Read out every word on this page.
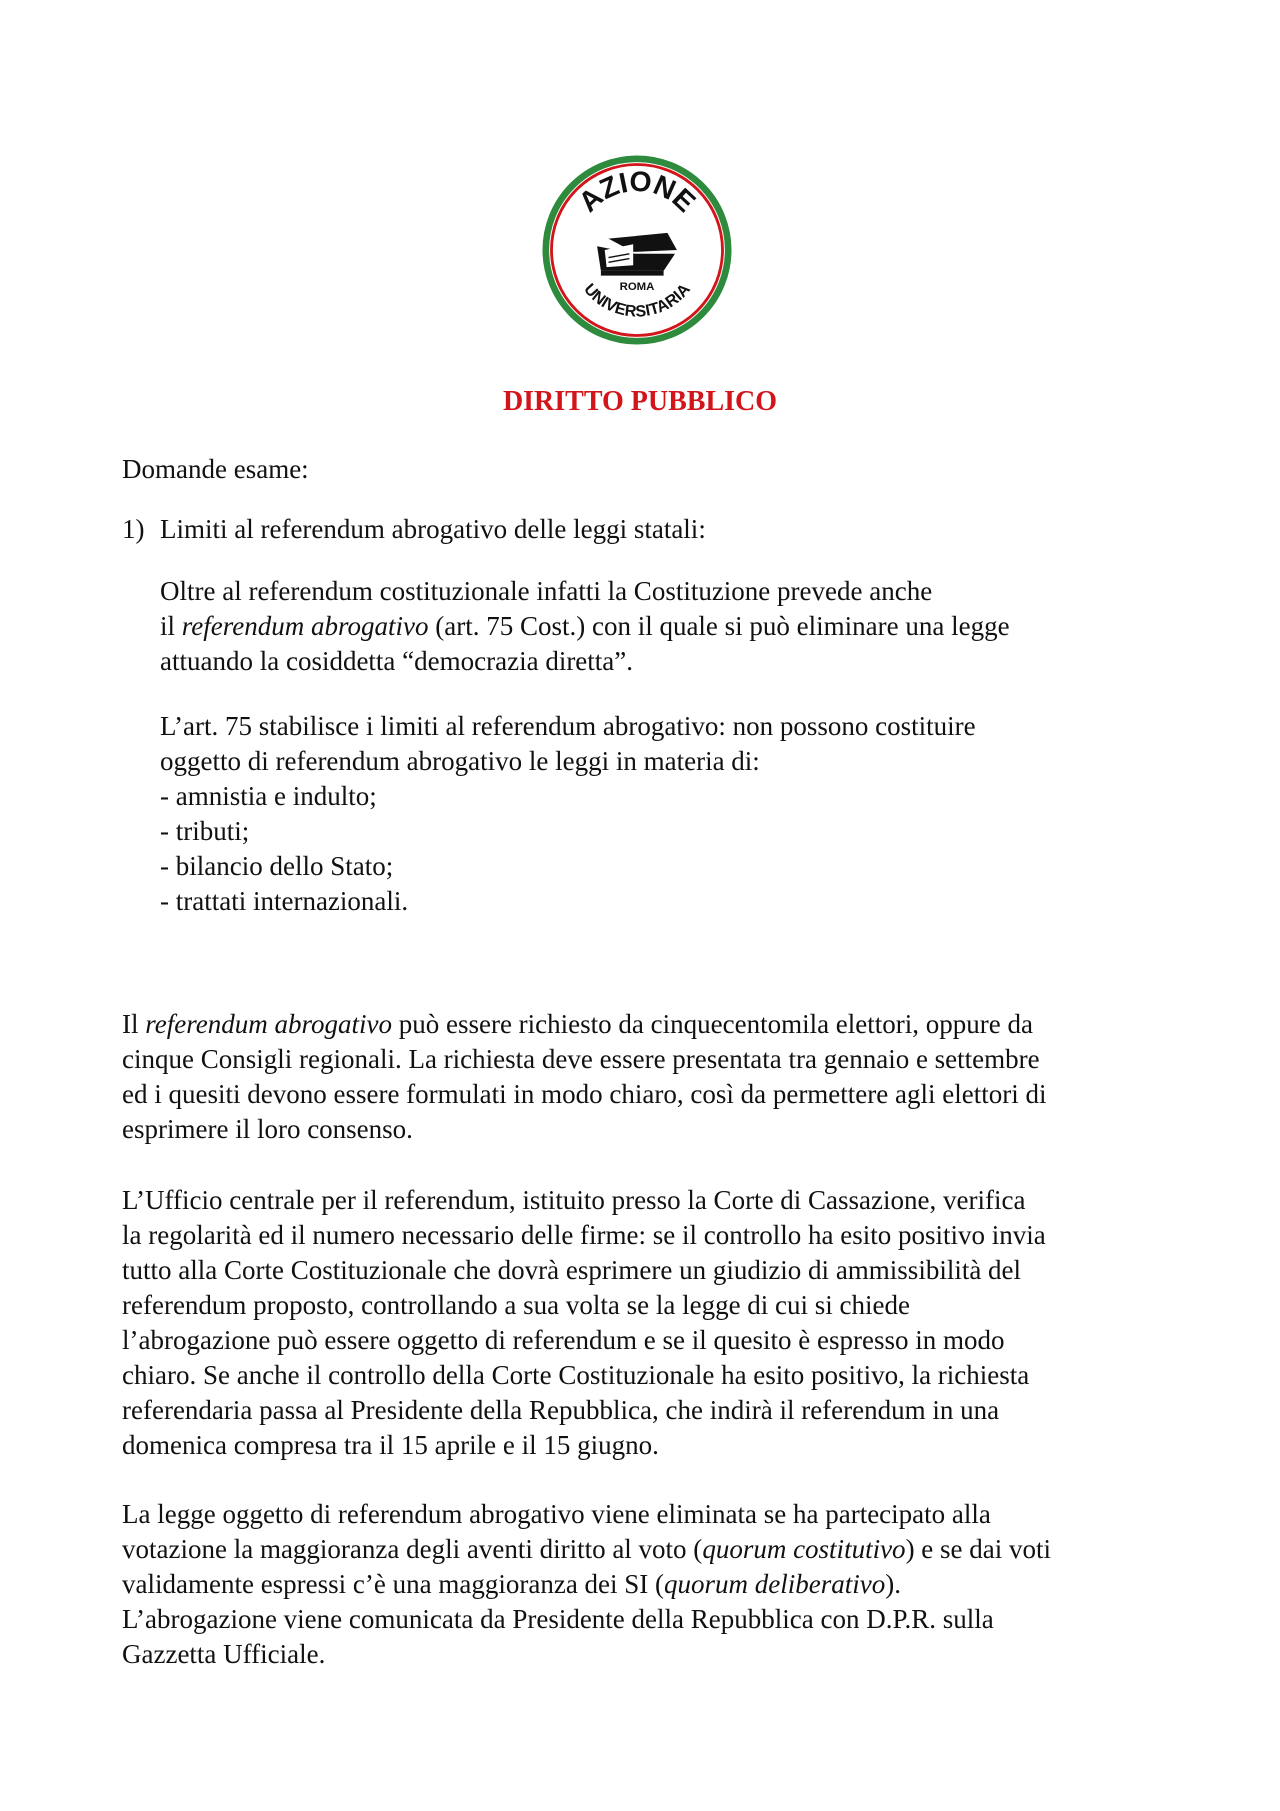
AZIONE
ROMA
UNIVERSITARIA
DIRITTO PUBBLICO

Domande esame:

1) Limiti al referendum abrogativo delle leggi statali:

Oltre al referendum costituzionale infatti la Costituzione prevede anche
il referendum abrogativo (art. 75 Cost.) con il quale si può eliminare una legge
attuando la cosiddetta “democrazia diretta”.
L’art. 75 stabilisce i limiti al referendum abrogativo: non possono costituire
oggetto di referendum abrogativo le leggi in materia di:
- amnistia e indulto;
- tributi;
- bilancio dello Stato;
- trattati internazionali.
Il referendum abrogativo può essere richiesto da cinquecentomila elettori, oppure da
cinque Consigli regionali. La richiesta deve essere presentata tra gennaio e settembre
ed i quesiti devono essere formulati in modo chiaro, così da permettere agli elettori di
esprimere il loro consenso.
L’Ufficio centrale per il referendum, istituito presso la Corte di Cassazione, verifica
la regolarità ed il numero necessario delle firme: se il controllo ha esito positivo invia
tutto alla Corte Costituzionale che dovrà esprimere un giudizio di ammissibilità del
referendum proposto, controllando a sua volta se la legge di cui si chiede
l’abrogazione può essere oggetto di referendum e se il quesito è espresso in modo
chiaro. Se anche il controllo della Corte Costituzionale ha esito positivo, la richiesta
referendaria passa al Presidente della Repubblica, che indirà il referendum in una
domenica compresa tra il 15 aprile e il 15 giugno.
La legge oggetto di referendum abrogativo viene eliminata se ha partecipato alla
votazione la maggioranza degli aventi diritto al voto (quorum costitutivo) e se dai voti
validamente espressi c’è una maggioranza dei SI (quorum deliberativo).
L’abrogazione viene comunicata da Presidente della Repubblica con D.P.R. sulla
Gazzetta Ufficiale.
